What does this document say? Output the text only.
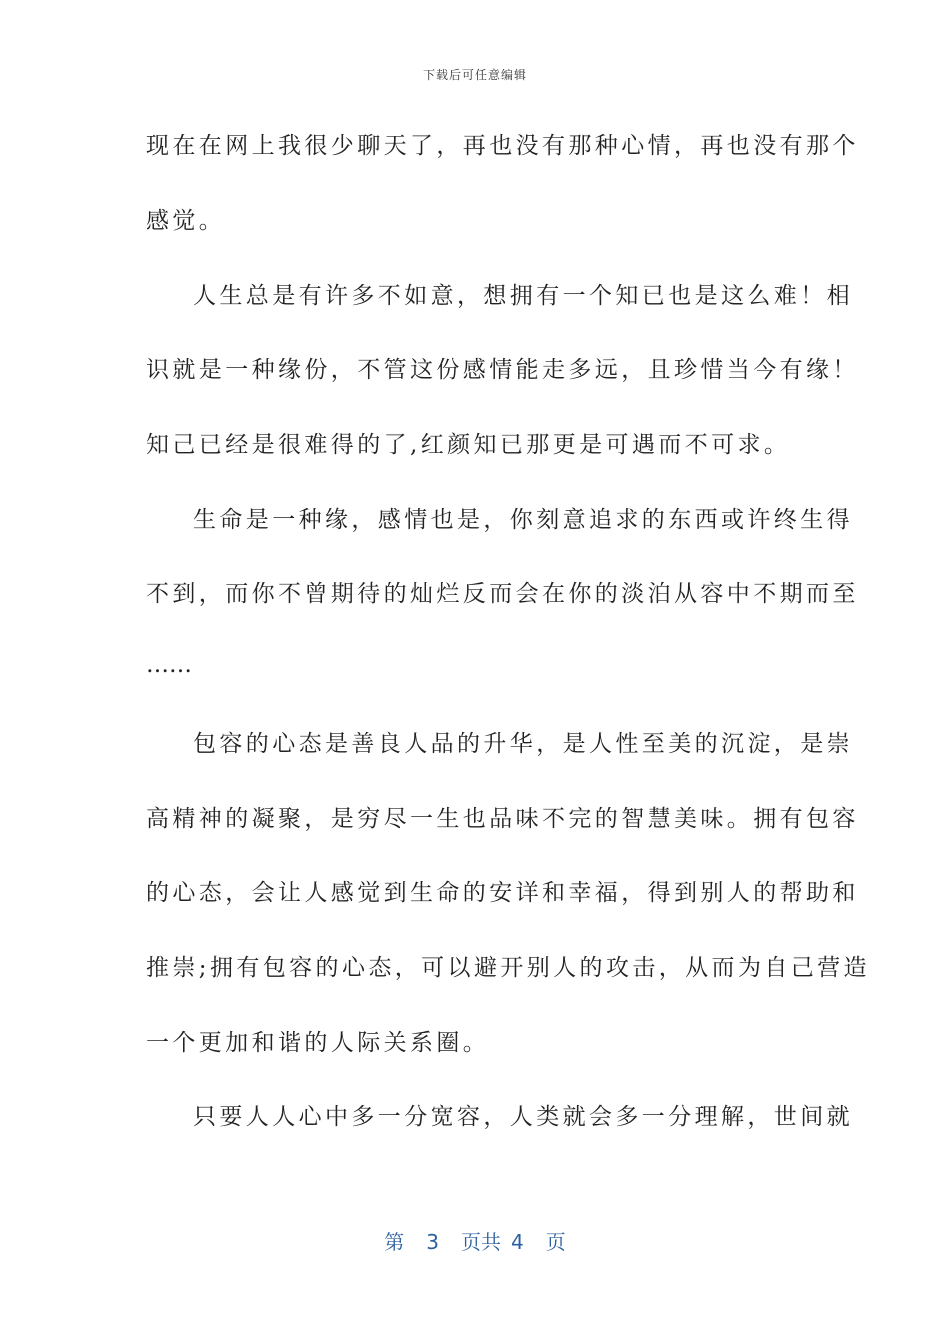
下载后可任意编辑
现在在网上我很少聊天了，再也没有那种心情，再也没有那个
感觉。
人生总是有许多不如意，想拥有一个知已也是这么难！相
识就是一种缘份，不管这份感情能走多远，且珍惜当今有缘！
知己已经是很难得的了,红颜知已那更是可遇而不可求。
生命是一种缘，感情也是，你刻意追求的东西或许终生得
不到，而你不曾期待的灿烂反而会在你的淡泊从容中不期而至
……
包容的心态是善良人品的升华，是人性至美的沉淀，是崇
高精神的凝聚，是穷尽一生也品味不完的智慧美味。拥有包容
的心态，会让人感觉到生命的安详和幸福，得到别人的帮助和
推崇;拥有包容的心态，可以避开别人的攻击，从而为自己营造
一个更加和谐的人际关系圈。
只要人人心中多一分宽容，人类就会多一分理解，世间就
第 3 页共 4 页
